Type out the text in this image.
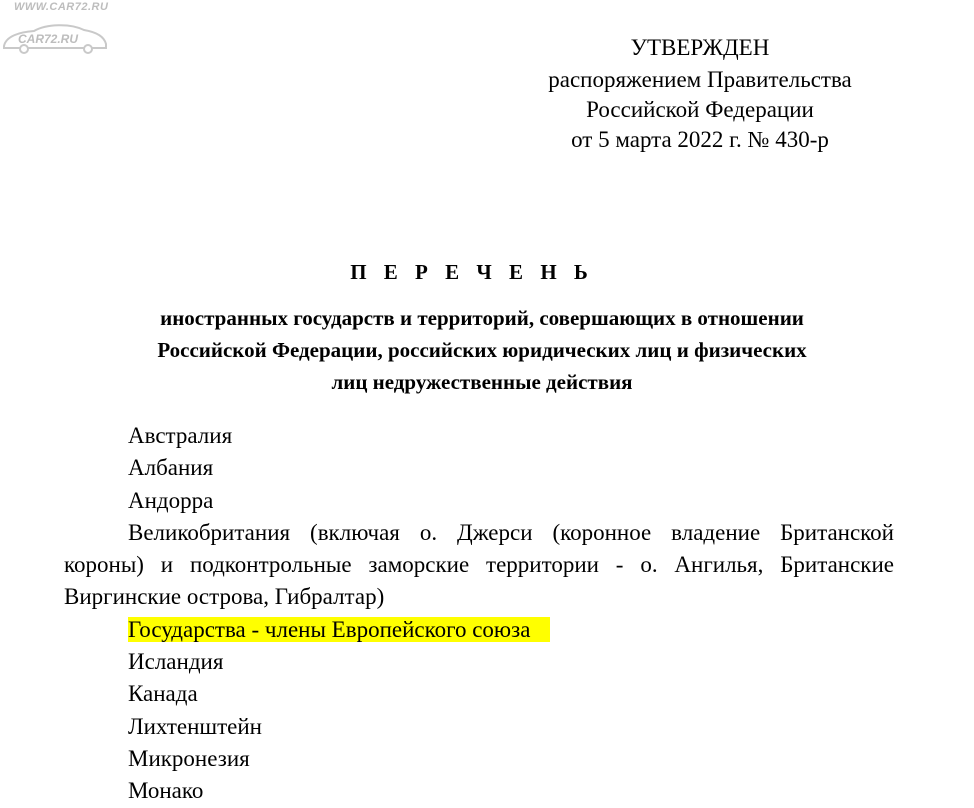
WWW.CAR72.RU
CAR72.RU	УТВЕРЖДЕН
распоряжением Правительства
Российской Федерации
от 5 марта 2022 г. № 430-р
П Е Р Е Ч Е Н Ь
иностранных государств и территорий, совершающих в отношении
Российской Федерации, российских юридических лиц и физических
лиц недружественные действия

Австралия

Албания

Андорра

Великобритания (включая о. Джерси (коронное владение Британской короны) и подконтрольные заморские территории - о. Ангилья, Британские Виргинские острова, Гибралтар)

Государства - члены Европейского союза

Исландия

Канада

Лихтенштейн

Микронезия

Монако
